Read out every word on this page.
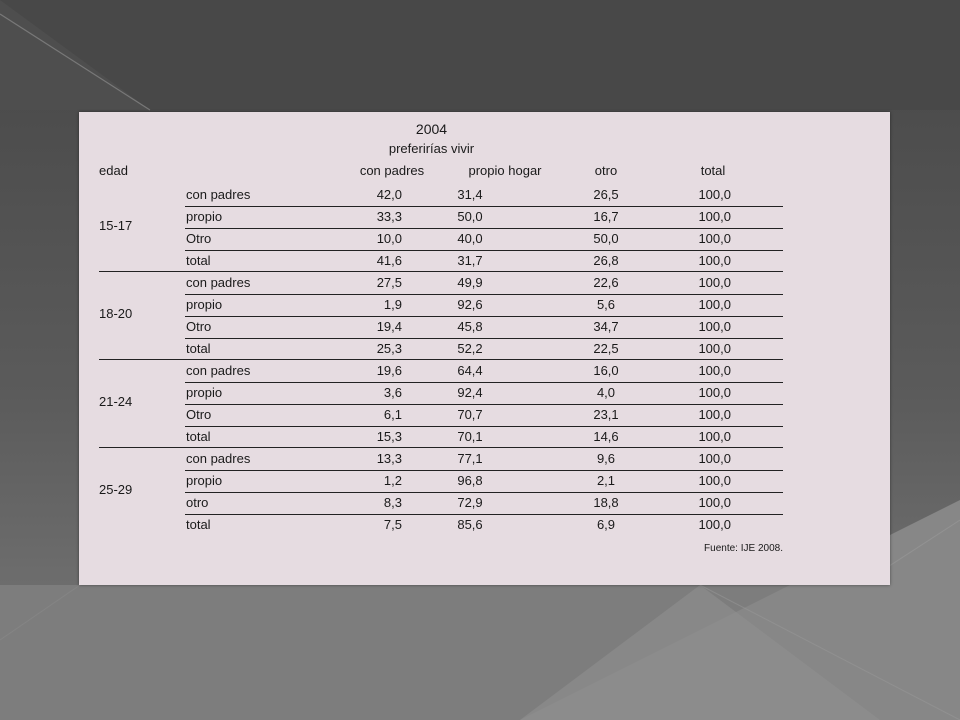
2004
preferirías vivir
edad	con padres	propio hogar	otro	total
15-17
con padres	42,0	31,4	26,5	100,0
propio	33,3	50,0	16,7	100,0
Otro	10,0	40,0	50,0	100,0
total	41,6	31,7	26,8	100,0
18-20
con padres	27,5	49,9	22,6	100,0
propio	1,9	92,6	5,6	100,0
Otro	19,4	45,8	34,7	100,0
total	25,3	52,2	22,5	100,0
21-24
con padres	19,6	64,4	16,0	100,0
propio	3,6	92,4	4,0	100,0
Otro	6,1	70,7	23,1	100,0
total	15,3	70,1	14,6	100,0
25-29
con padres	13,3	77,1	9,6	100,0
propio	1,2	96,8	2,1	100,0
otro	8,3	72,9	18,8	100,0
total	7,5	85,6	6,9	100,0
Fuente: IJE 2008.
